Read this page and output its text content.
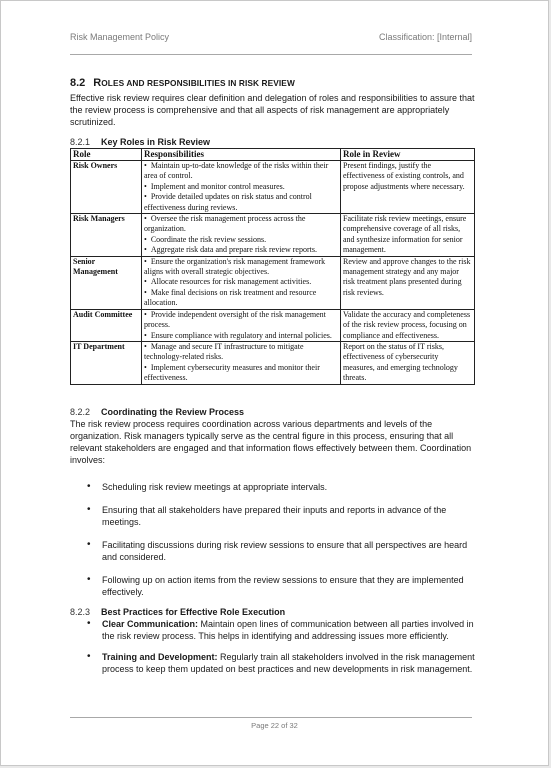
Risk Management Policy	Classification: [Internal]
8.2 R OLES AND RESPONSIBILITIES IN RISK REVIEW

Effective risk review requires clear definition and delegation of roles and responsibilities to assure that the review process is comprehensive and that all aspects of risk management are appropriately scrutinized.

8.2.1	Key Roles in Risk Review
Role	Responsibilities	Role in Review
Risk Owners	• Maintain up-to-date knowledge of the risks within their area of control.
• Implement and monitor control measures.
• Provide detailed updates on risk status and control effectiveness during reviews.	Present findings, justify the effectiveness of existing controls, and propose adjustments where necessary.
Risk Managers	• Oversee the risk management process across the organization.
• Coordinate the risk review sessions.
• Aggregate risk data and prepare risk review reports.	Facilitate risk review meetings, ensure comprehensive coverage of all risks, and synthesize information for senior management.
Senior Management	• Ensure the organization's risk management framework aligns with overall strategic objectives.
• Allocate resources for risk management activities.
• Make final decisions on risk treatment and resource allocation.	Review and approve changes to the risk management strategy and any major risk treatment plans presented during risk reviews.
Audit Committee	• Provide independent oversight of the risk management process.
• Ensure compliance with regulatory and internal policies.	Validate the accuracy and completeness of the risk review process, focusing on compliance and effectiveness.
IT Department	• Manage and secure IT infrastructure to mitigate technology-related risks.
• Implement cybersecurity measures and monitor their effectiveness.	Report on the status of IT risks, effectiveness of cybersecurity measures, and emerging technology threats.
8.2.2	Coordinating the Review Process

The risk review process requires coordination across various departments and levels of the organization. Risk managers typically serve as the central figure in this process, ensuring that all relevant stakeholders are engaged and that information flows effectively between them. Coordination involves:

• Scheduling risk review meetings at appropriate intervals.
• Ensuring that all stakeholders have prepared their inputs and reports in advance of the meetings.
• Facilitating discussions during risk review sessions to ensure that all perspectives are heard and considered.
• Following up on action items from the review sessions to ensure that they are implemented effectively.
8.2.3	Best Practices for Effective Role Execution
• Clear Communication: Maintain open lines of communication between all parties involved in the risk review process. This helps in identifying and addressing issues more efficiently.
• Training and Development: Regularly train all stakeholders involved in the risk management process to keep them updated on best practices and new developments in risk management.
Page 22 of 32
